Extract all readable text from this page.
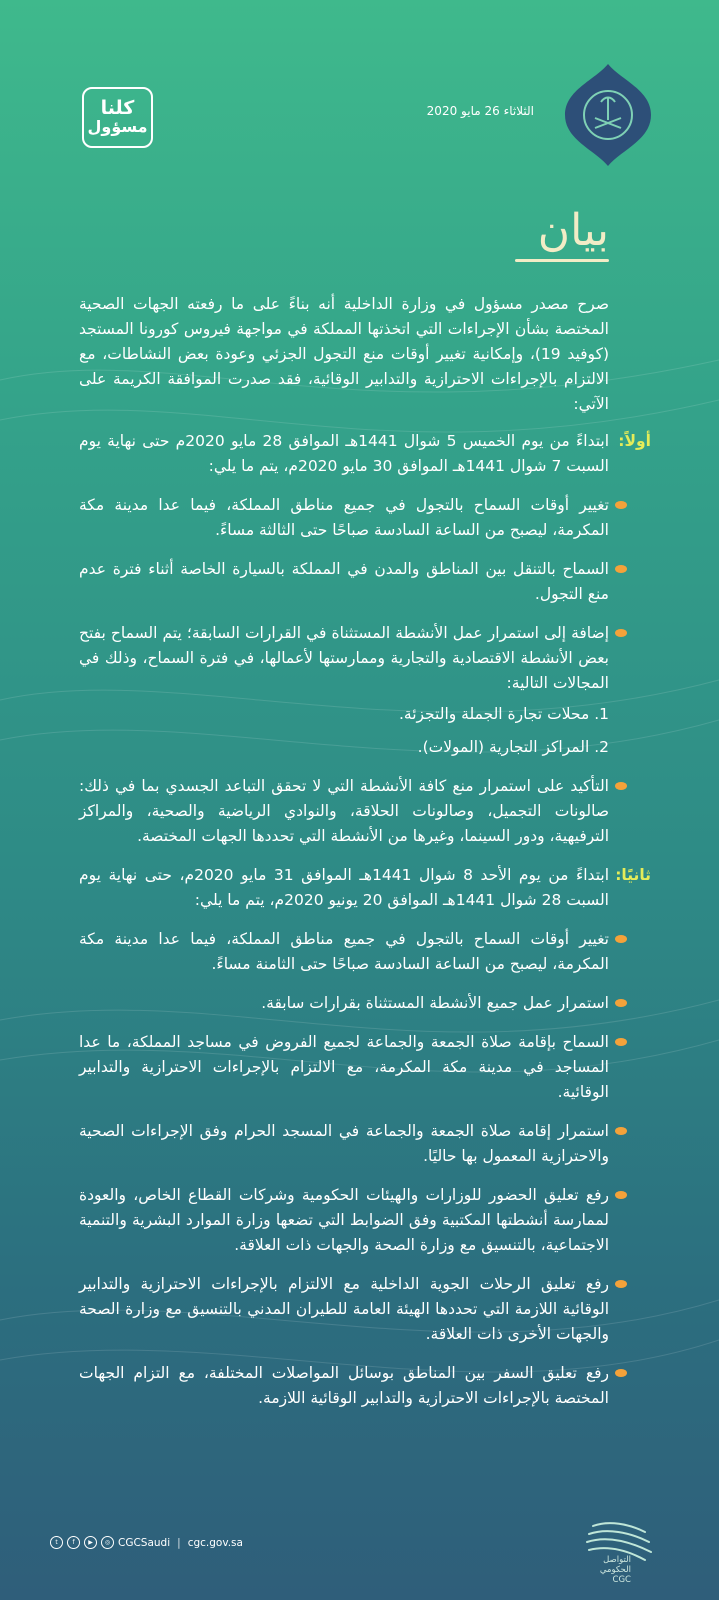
الثلاثاء 26 مايو 2020
كلنا
مسؤول
بيان

صرح مصدر مسؤول في وزارة الداخلية أنه بناءً على ما رفعته الجهات الصحية المختصة بشأن الإجراءات التي اتخذتها المملكة في مواجهة فيروس كورونا المستجد (كوفيد 19)، وإمكانية تغيير أوقات منع التجول الجزئي وعودة بعض النشاطات، مع الالتزام بالإجراءات الاحترازية والتدابير الوقائية، فقد صدرت الموافقة الكريمة على الآتي:

أولاً:
ابتداءً من يوم الخميس 5 شوال 1441هـ الموافق 28 مايو 2020م حتى نهاية يوم السبت 7 شوال 1441هـ الموافق 30 مايو 2020م، يتم ما يلي:
تغيير أوقات السماح بالتجول في جميع مناطق المملكة، فيما عدا مدينة مكة المكرمة، ليصبح من الساعة السادسة صباحًا حتى الثالثة مساءً.
السماح بالتنقل بين المناطق والمدن في المملكة بالسيارة الخاصة أثناء فترة عدم منع التجول.
إضافة إلى استمرار عمل الأنشطة المستثناة في القرارات السابقة؛ يتم السماح بفتح بعض الأنشطة الاقتصادية والتجارية وممارستها لأعمالها، في فترة السماح، وذلك في المجالات التالية:
1. محلات تجارة الجملة والتجزئة.
2. المراكز التجارية (المولات).
التأكيد على استمرار منع كافة الأنشطة التي لا تحقق التباعد الجسدي بما في ذلك: صالونات التجميل، وصالونات الحلاقة، والنوادي الرياضية والصحية، والمراكز الترفيهية، ودور السينما، وغيرها من الأنشطة التي تحددها الجهات المختصة.
ثانيًا:
ابتداءً من يوم الأحد 8 شوال 1441هـ الموافق 31 مايو 2020م، حتى نهاية يوم السبت 28 شوال 1441هـ الموافق 20 يونيو 2020م، يتم ما يلي:
تغيير أوقات السماح بالتجول في جميع مناطق المملكة، فيما عدا مدينة مكة المكرمة، ليصبح من الساعة السادسة صباحًا حتى الثامنة مساءً.
استمرار عمل جميع الأنشطة المستثناة بقرارات سابقة.
السماح بإقامة صلاة الجمعة والجماعة لجميع الفروض في مساجد المملكة، ما عدا المساجد في مدينة مكة المكرمة، مع الالتزام بالإجراءات الاحترازية والتدابير الوقائية.
استمرار إقامة صلاة الجمعة والجماعة في المسجد الحرام وفق الإجراءات الصحية والاحترازية المعمول بها حاليًا.
رفع تعليق الحضور للوزارات والهيئات الحكومية وشركات القطاع الخاص، والعودة لممارسة أنشطتها المكتبية وفق الضوابط التي تضعها وزارة الموارد البشرية والتنمية الاجتماعية، بالتنسيق مع وزارة الصحة والجهات ذات العلاقة.
رفع تعليق الرحلات الجوية الداخلية مع الالتزام بالإجراءات الاحترازية والتدابير الوقائية اللازمة التي تحددها الهيئة العامة للطيران المدني بالتنسيق مع وزارة الصحة والجهات الأخرى ذات العلاقة.
رفع تعليق السفر بين المناطق بوسائل المواصلات المختلفة، مع التزام الجهات المختصة بالإجراءات الاحترازية والتدابير الوقائية اللازمة.
t	f	▶	◎ CGCSaudi | cgc.gov.sa
التواصل
الحكومي
CGC
